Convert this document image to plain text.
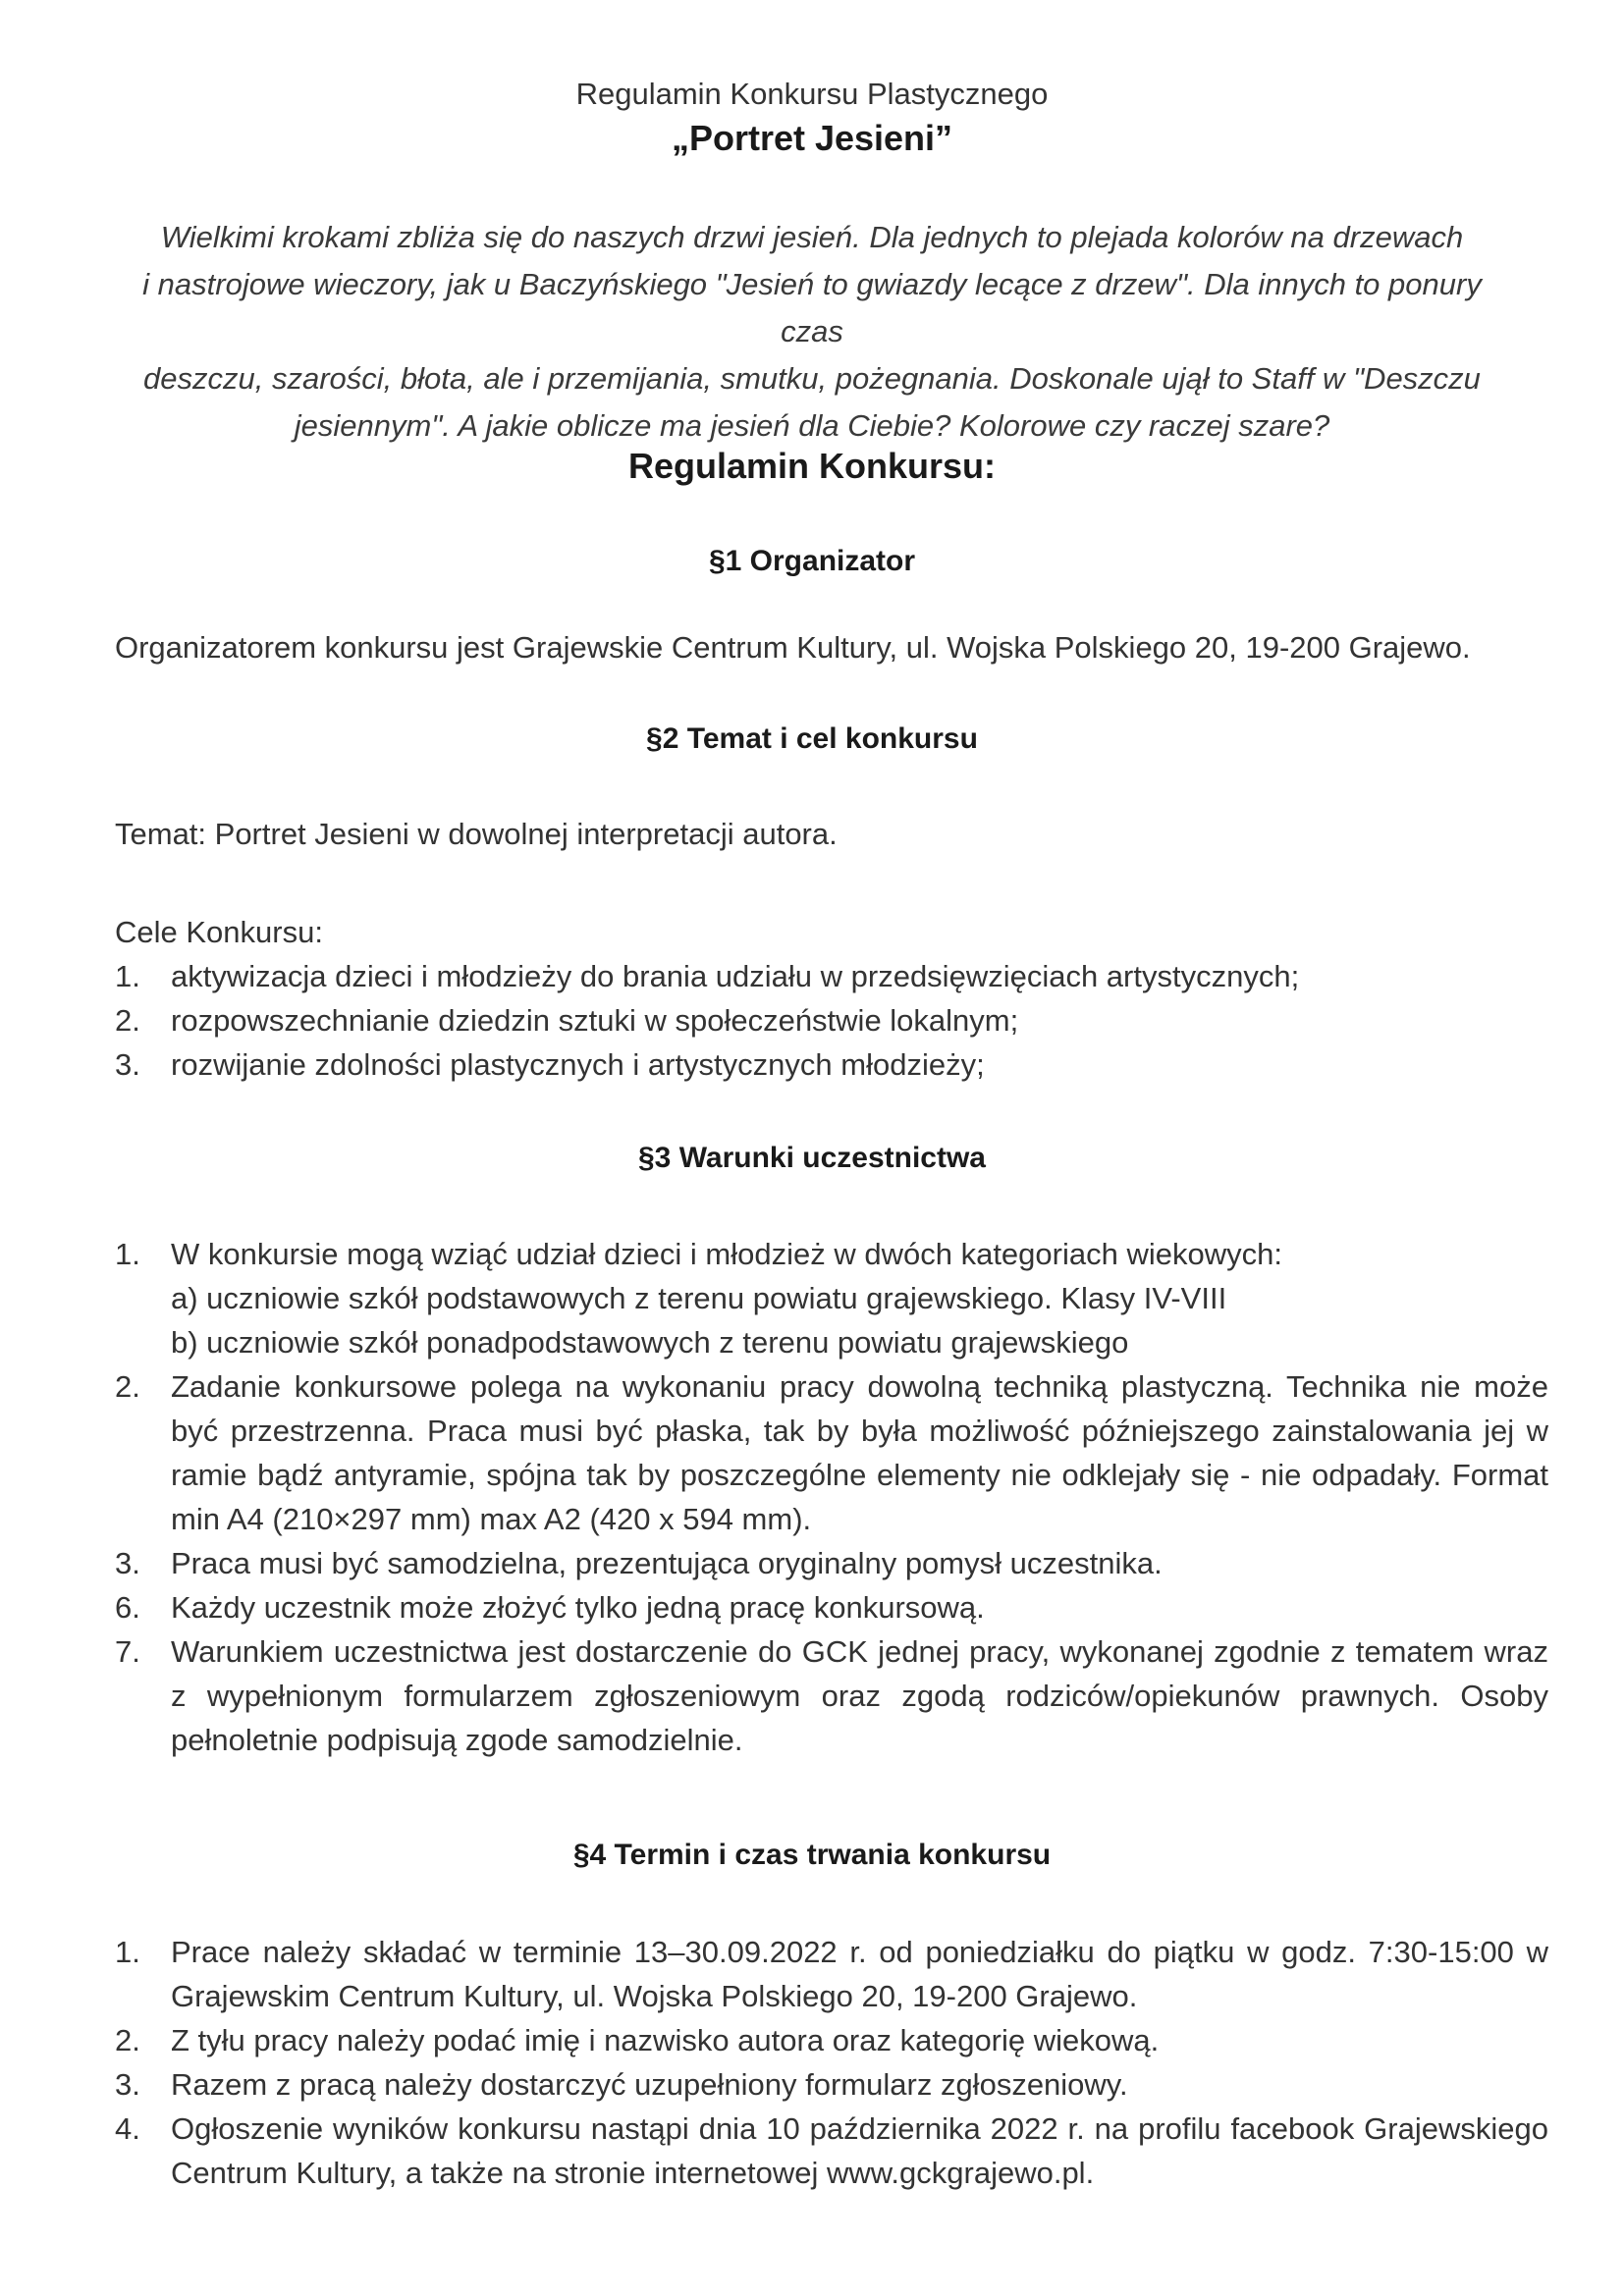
Regulamin Konkursu Plastycznego
„Portret Jesieni”
Wielkimi krokami zbliża się do naszych drzwi jesień. Dla jednych to plejada kolorów na drzewach
i nastrojowe wieczory, jak u Baczyńskiego "Jesień to gwiazdy lecące z drzew". Dla innych to ponury czas
deszczu, szarości, błota, ale i przemijania, smutku, pożegnania. Doskonale ujął to Staff w "Deszczu
jesiennym". A jakie oblicze ma jesień dla Ciebie? Kolorowe czy raczej szare?
Regulamin Konkursu:
§1 Organizator
Organizatorem konkursu jest Grajewskie Centrum Kultury, ul. Wojska Polskiego 20, 19-200 Grajewo.
§2 Temat i cel konkursu
Temat: Portret Jesieni w dowolnej interpretacji autora.
Cele Konkursu:
1.	aktywizacja dzieci i młodzieży do brania udziału w przedsięwzięciach artystycznych;
2.	rozpowszechnianie dziedzin sztuki w społeczeństwie lokalnym;
3.	rozwijanie zdolności plastycznych i artystycznych młodzieży;
§3 Warunki uczestnictwa
1.	W konkursie mogą wziąć udział dzieci i młodzież w dwóch kategoriach wiekowych:
a) uczniowie szkół podstawowych z terenu powiatu grajewskiego. Klasy IV-VIII
b) uczniowie szkół ponadpodstawowych z terenu powiatu grajewskiego
2.	Zadanie konkursowe polega na wykonaniu pracy dowolną techniką plastyczną. Technika nie może być przestrzenna. Praca musi być płaska, tak by była możliwość późniejszego zainstalowania jej w ramie bądź antyramie, spójna tak by poszczególne elementy nie odklejały się - nie odpadały. Format min A4 (210×297 mm) max A2 (420 x 594 mm).
3.	Praca musi być samodzielna, prezentująca oryginalny pomysł uczestnika.
6.	Każdy uczestnik może złożyć tylko jedną pracę konkursową.
7.	Warunkiem uczestnictwa jest dostarczenie do GCK jednej pracy, wykonanej zgodnie z tematem wraz z wypełnionym formularzem zgłoszeniowym oraz zgodą rodziców/opiekunów prawnych. Osoby pełnoletnie podpisują zgode samodzielnie.
§4 Termin i czas trwania konkursu
1.	Prace należy składać w terminie 13–30.09.2022 r. od poniedziałku do piątku w godz. 7:30-15:00 w Grajewskim Centrum Kultury, ul. Wojska Polskiego 20, 19-200 Grajewo.
2.	Z tyłu pracy należy podać imię i nazwisko autora oraz kategorię wiekową.
3.	Razem z pracą należy dostarczyć uzupełniony formularz zgłoszeniowy.
4.	Ogłoszenie wyników konkursu nastąpi dnia 10 października 2022 r. na profilu facebook Grajewskiego Centrum Kultury, a także na stronie internetowej www.gckgrajewo.pl.
